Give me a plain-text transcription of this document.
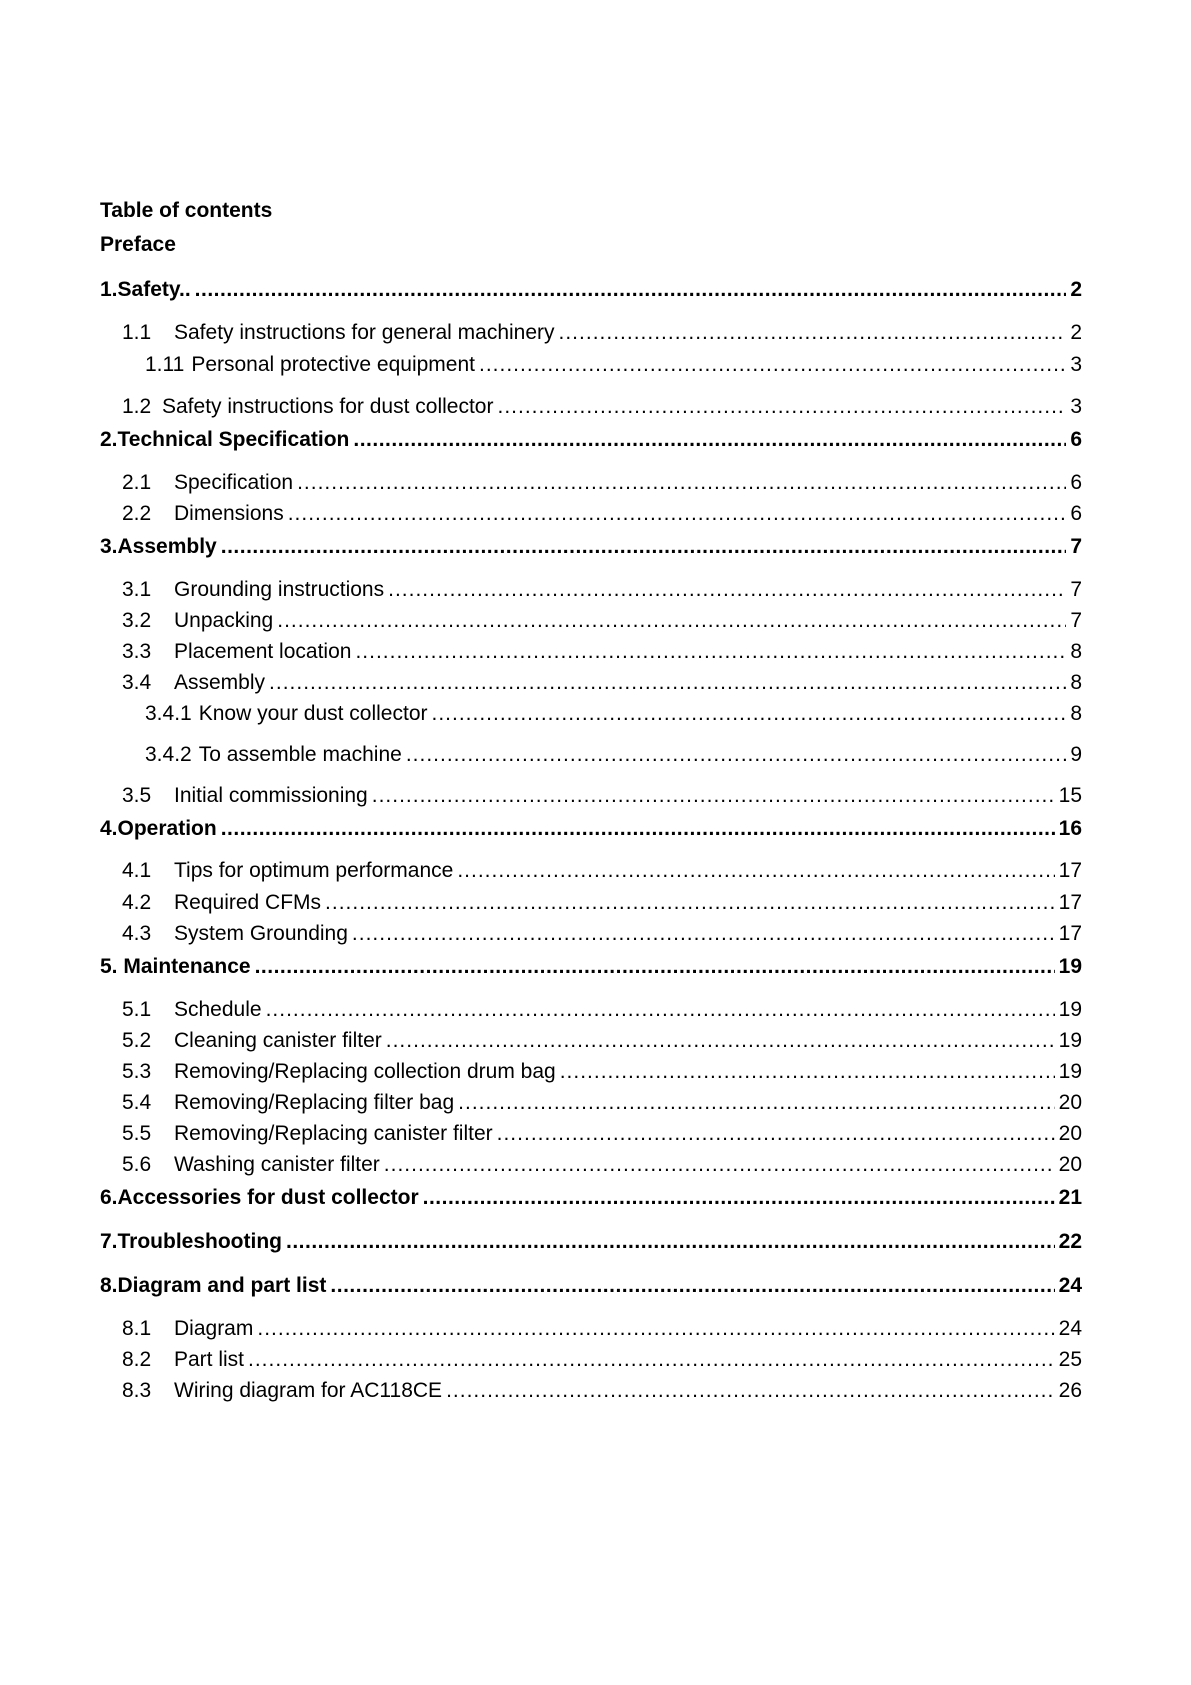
Table of contents
Preface
1.Safety.. .....	2
1.1	Safety instructions for general machinery .....	2
1.11 Personal protective equipment .....	3
1.2 Safety instructions for dust collector .....	3
2.Technical Specification .....	6
2.1	Specification .....	6
2.2	Dimensions .....	6
3.Assembly .....	7
3.1	Grounding instructions .....	7
3.2	Unpacking .....	7
3.3	Placement location .....	8
3.4	Assembly .....	8
3.4.1 Know your dust collector .....	8
3.4.2 To assemble machine .....	9
3.5	Initial commissioning .....	15
4.Operation .....	16
4.1	Tips for optimum performance .....	17
4.2	Required CFMs .....	17
4.3	System Grounding .....	17
5. Maintenance .....	19
5.1	Schedule .....	19
5.2	Cleaning canister filter .....	19
5.3	Removing/Replacing collection drum bag .....	19
5.4	Removing/Replacing filter bag .....	20
5.5	Removing/Replacing canister filter .....	20
5.6	Washing canister filter .....	20
6.Accessories for dust collector .....	21
7.Troubleshooting .....	22
8.Diagram and part list .....	24
8.1	Diagram .....	24
8.2	Part list .....	25
8.3	Wiring diagram for AC118CE .....	26
